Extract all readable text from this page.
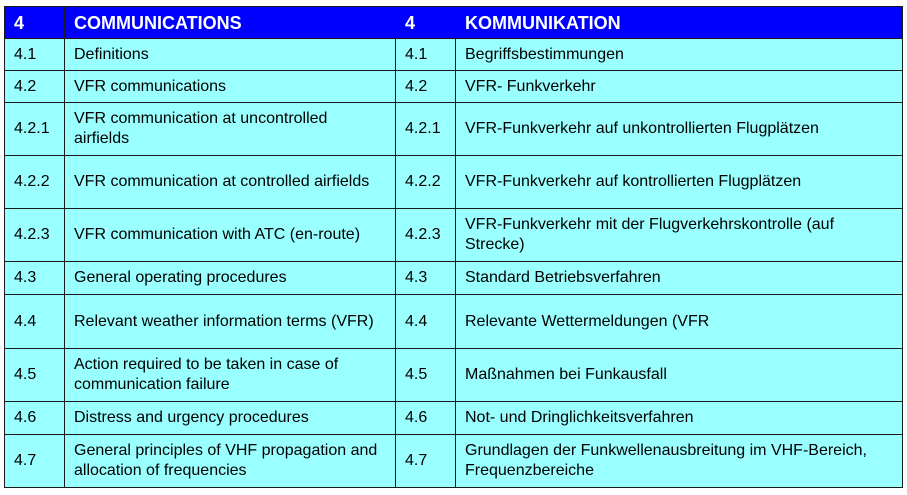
4	COMMUNICATIONS	4	KOMMUNIKATION
4.1	Definitions	4.1	Begriffsbestimmungen
4.2	VFR communications	4.2	VFR- Funkverkehr
4.2.1	VFR communication at uncontrolled airfields	4.2.1	VFR-Funkverkehr auf unkontrollierten Flugplätzen
4.2.2	VFR communication at controlled airfields	4.2.2	VFR-Funkverkehr auf kontrollierten Flugplätzen
4.2.3	VFR communication with ATC (en-route)	4.2.3	VFR-Funkverkehr mit der Flugverkehrskontrolle (auf Strecke)
4.3	General operating procedures	4.3	Standard Betriebsverfahren
4.4	Relevant weather information terms (VFR)	4.4	Relevante Wettermeldungen (VFR
4.5	Action required to be taken in case of communication failure	4.5	Maßnahmen bei Funkausfall
4.6	Distress and urgency procedures	4.6	Not- und Dringlichkeitsverfahren
4.7	General principles of VHF propagation and allocation of frequencies	4.7	Grundlagen der Funkwellenausbreitung im VHF-Bereich, Frequenzbereiche
